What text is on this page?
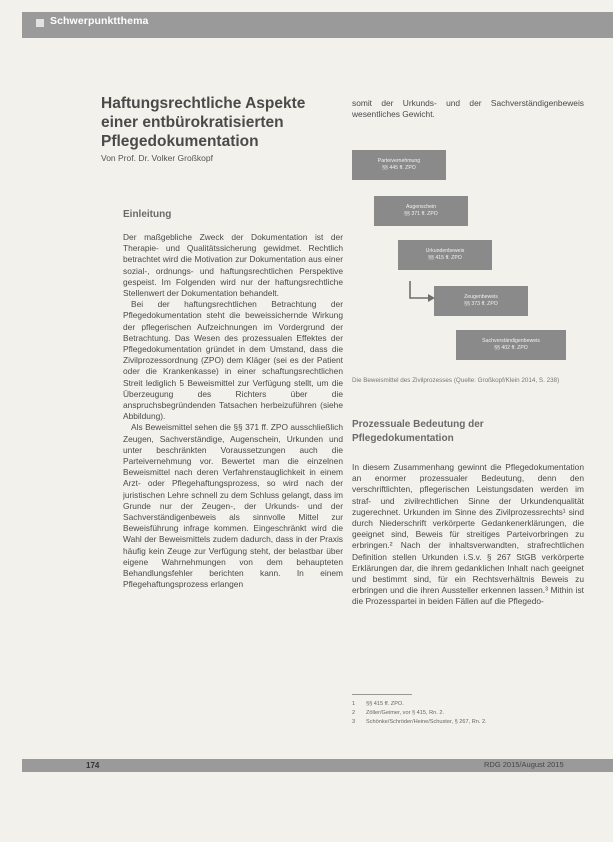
Schwerpunktthema
Haftungsrechtliche Aspekte einer entbürokratisierten Pflegedokumentation
Von Prof. Dr. Volker Großkopf
Einleitung

Der maßgebliche Zweck der Dokumentation ist der Therapie- und Qualitätssicherung gewidmet. Rechtlich betrachtet wird die Motivation zur Dokumentation aus einer sozial-, ordnungs- und haftungsrechtlichen Perspektive gespeist. Im Folgenden wird nur der haftungsrechtliche Stellenwert der Dokumentation behandelt.

Bei der haftungsrechtlichen Betrachtung der Pflegedokumentation steht die beweissichernde Wirkung der pflegerischen Aufzeichnungen im Vordergrund der Betrachtung. Das Wesen des prozessualen Effektes der Pflegedokumentation gründet in dem Umstand, dass die Zivilprozessordnung (ZPO) dem Kläger (sei es der Patient oder die Krankenkasse) in einer schaftungsrechtlichen Streit lediglich 5 Beweismittel zur Verfügung stellt, um die Überzeugung des Richters über die anspruchsbegründenden Tatsachen herbeizuführen (siehe Abbildung).

Als Beweismittel sehen die §§ 371 ff. ZPO ausschließlich Zeugen, Sachverständige, Augenschein, Urkunden und unter beschränkten Voraussetzungen auch die Parteivernehmung vor. Bewertet man die einzelnen Beweismittel nach deren Verfahrenstauglichkeit in einem Arzt- oder Pflegehaftungsprozess, so wird nach der juristischen Lehre schnell zu dem Schluss gelangt, dass im Grunde nur der Zeugen-, der Urkunds- und der Sachverständigenbeweis als sinnvolle Mittel zur Beweisführung infrage kommen. Eingeschränkt wird die Wahl der Beweismittels zudem dadurch, dass in der Praxis häufig kein Zeuge zur Verfügung steht, der belastbar über eigene Wahrnehmungen von dem behaupteten Behandlungsfehler berichten kann. In einem Pflegehaftungsprozess erlangen

somit der Urkunds- und der Sachverständigenbeweis wesentliches Gewicht.

Parteivernehmung
§§ 445 ff. ZPO
Augenschein
§§ 371 ff. ZPO
Urkundenbeweis
§§ 415 ff. ZPO
Zeugenbeweis
§§ 373 ff. ZPO
Sachverständigenbeweis
§§ 402 ff. ZPO
Die Beweismittel des Zivilprozesses (Quelle: Großkopf/Klein 2014, S. 238)
Prozessuale Bedeutung der Pflegedokumentation

In diesem Zusammenhang gewinnt die Pflegedokumentation an enormer prozessualer Bedeutung, denn den verschriftlichten, pflegerischen Leistungsdaten werden im straf- und zivilrechtlichen Sinne der Urkundenqualität zugerechnet. Urkunden im Sinne des Zivilprozessrechts¹ sind durch Niederschrift verkörperte Gedankenerklärungen, die geeignet sind, Beweis für streitiges Parteivorbringen zu erbringen.² Nach der inhaltsverwandten, strafrechtlichen Definition stellen Urkunden i.S.v. § 267 StGB verkörperte Erklärungen dar, die ihrem gedanklichen Inhalt nach geeignet und bestimmt sind, für ein Rechtsverhältnis Beweis zu erbringen und die ihren Aussteller erkennen lassen.³ Mithin ist die Prozesspartei in beiden Fällen auf die Pflegedo-

1 §§ 415 ff. ZPO.
2 Zöller/Geimer, vor § 415, Rn. 2.
3 Schönke/Schröder/Heine/Schuster, § 267, Rn. 2.
174	RDG 2015/August 2015
